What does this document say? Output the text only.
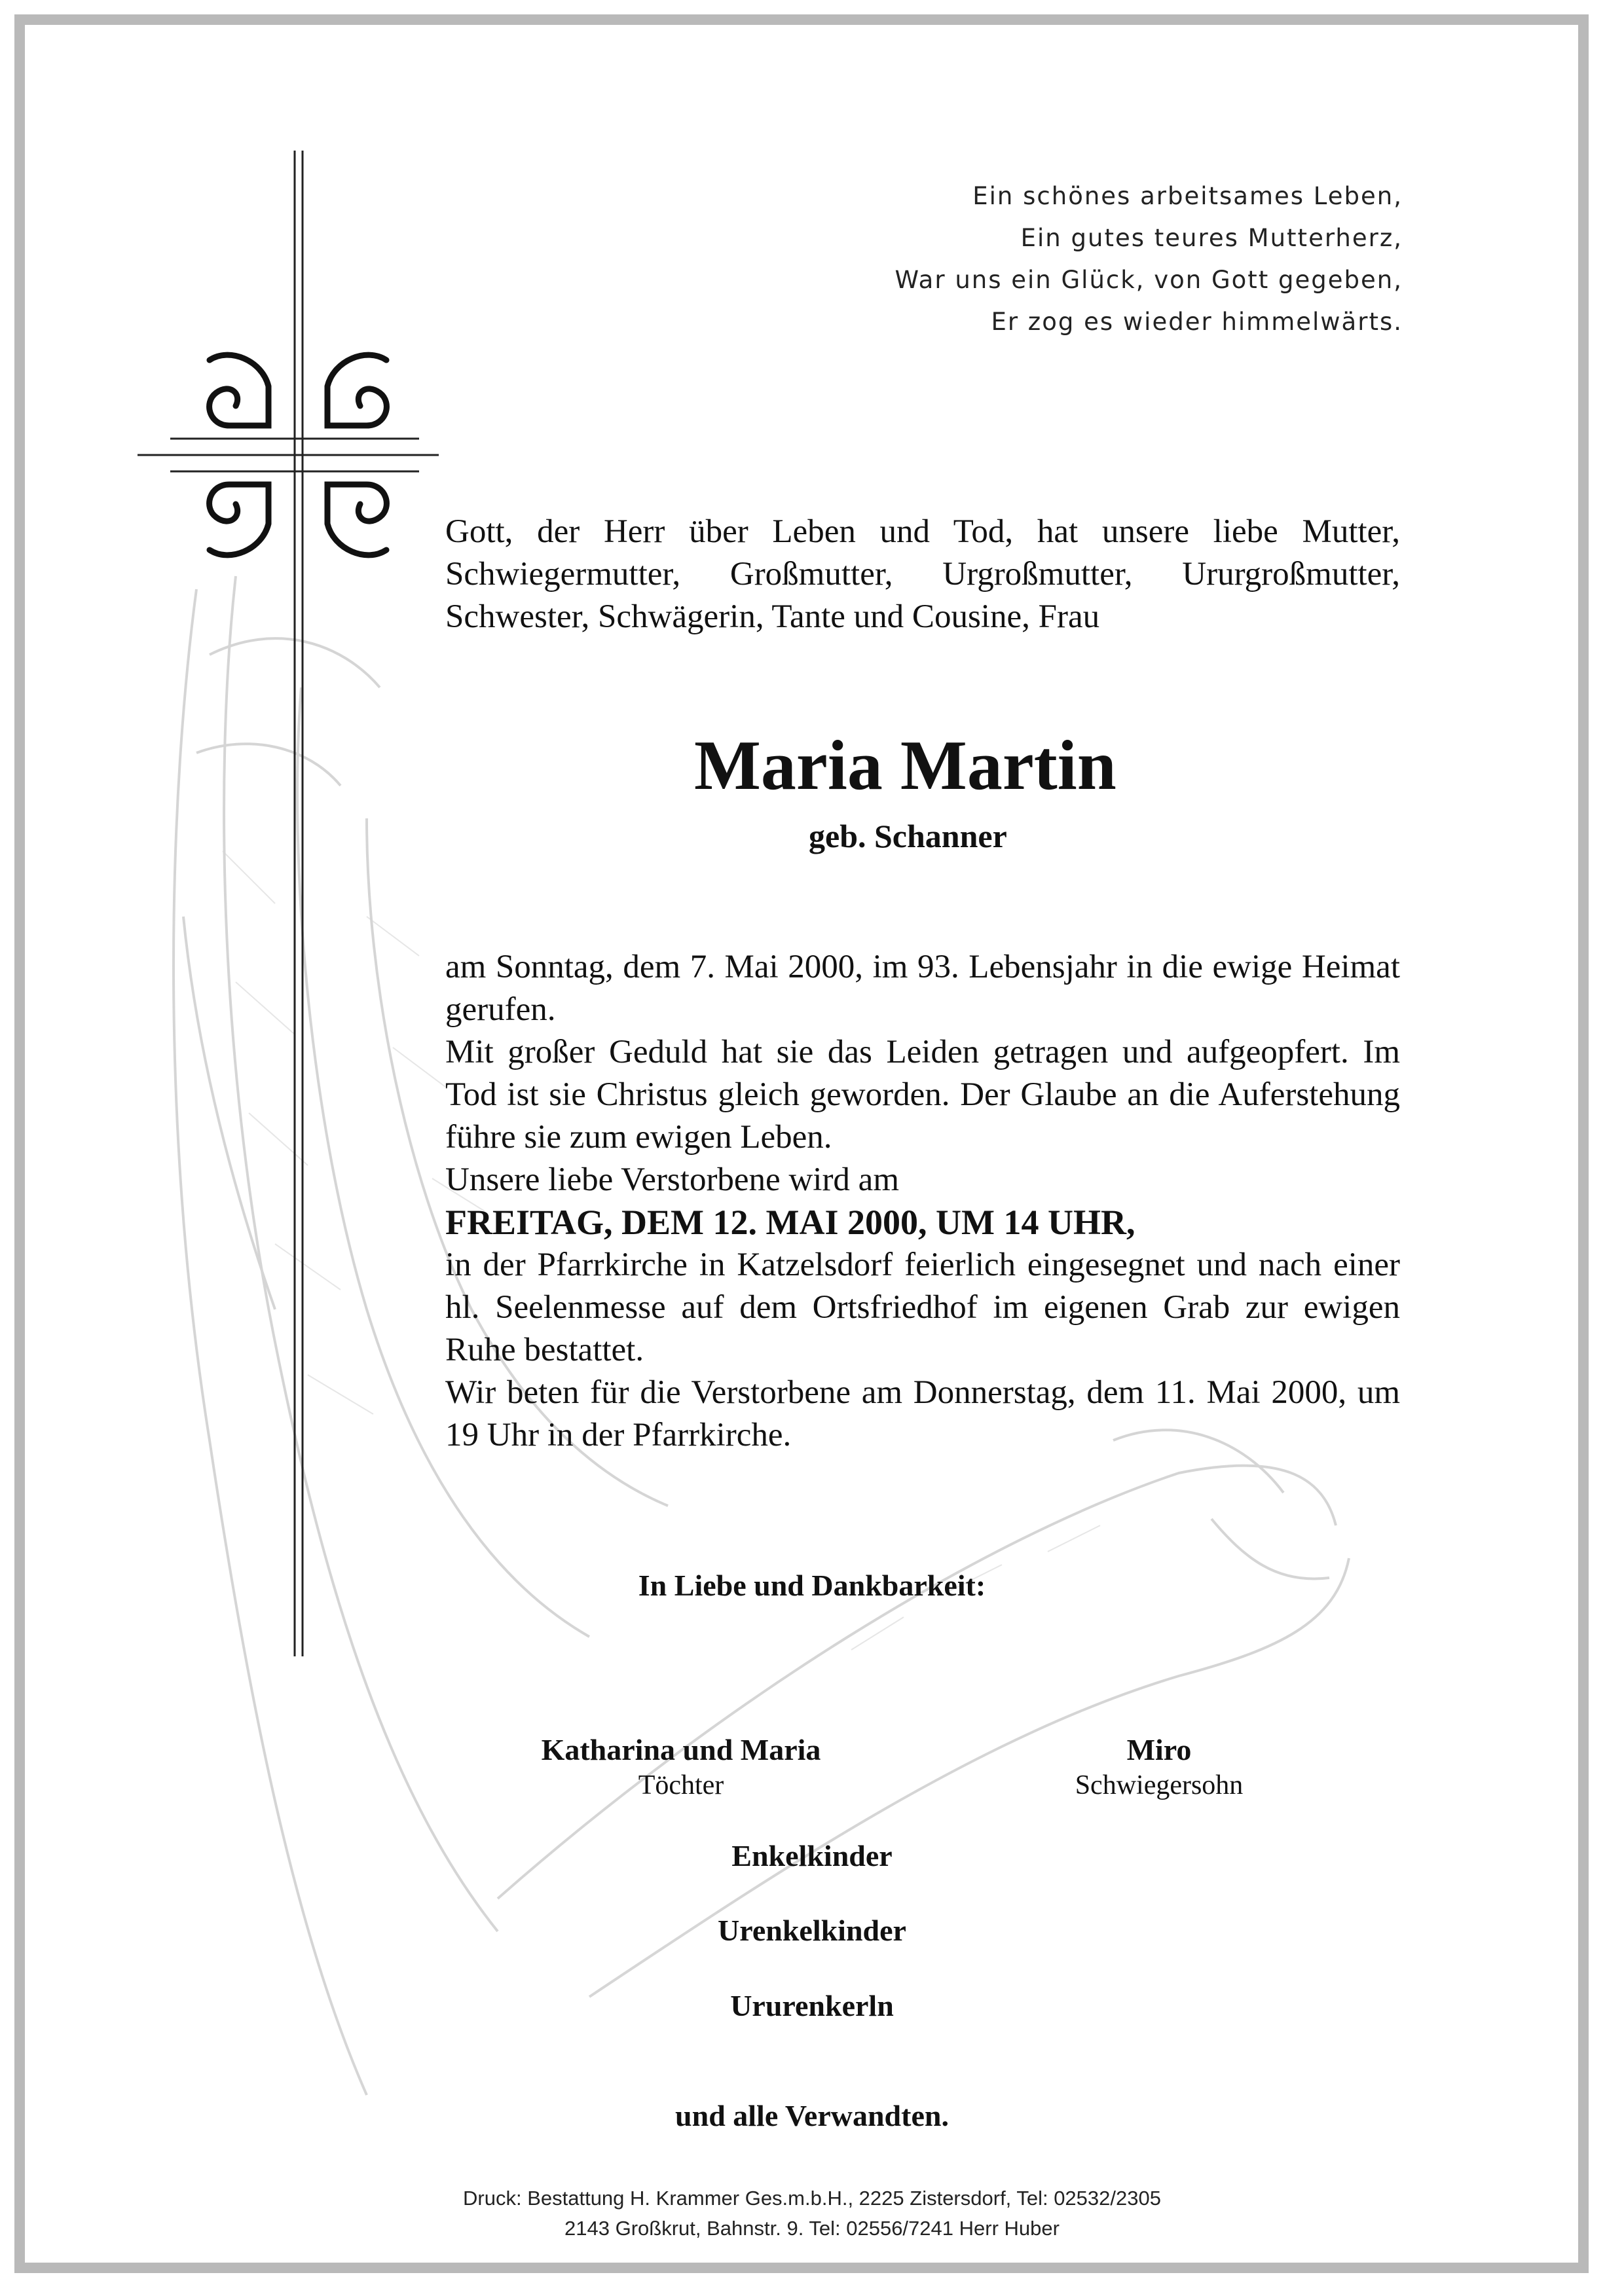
Ein schönes arbeitsames Leben,
Ein gutes teures Mutterherz,
War uns ein Glück, von Gott gegeben,
Er zog es wieder himmelwärts.
Gott, der Herr über Leben und Tod, hat unsere liebe Mutter, Schwiegermutter, Großmutter, Urgroßmutter, Ururgroßmutter, Schwester, Schwägerin, Tante und Cousine, Frau
Maria Martin
geb. Schanner

am Sonntag, dem 7. Mai 2000, im 93. Lebensjahr in die ewige Heimat gerufen.

Mit großer Geduld hat sie das Leiden getragen und aufgeopfert. Im Tod ist sie Christus gleich geworden. Der Glaube an die Auferstehung führe sie zum ewigen Leben.

Unsere liebe Verstorbene wird am

FREITAG, DEM 12. MAI 2000, UM 14 UHR,

in der Pfarrkirche in Katzelsdorf feierlich eingesegnet und nach einer hl. Seelenmesse auf dem Ortsfriedhof im eigenen Grab zur ewigen Ruhe bestattet.

Wir beten für die Verstorbene am Donnerstag, dem 11. Mai 2000, um 19 Uhr in der Pfarrkirche.

In Liebe und Dankbarkeit:
Katharina und Maria
Töchter
Miro
Schwiegersohn
Enkelkinder
Urenkelkinder
Ururenkerln
und alle Verwandten.
Druck: Bestattung H. Krammer Ges.m.b.H., 2225 Zistersdorf, Tel: 02532/2305
2143 Großkrut, Bahnstr. 9. Tel: 02556/7241 Herr Huber
